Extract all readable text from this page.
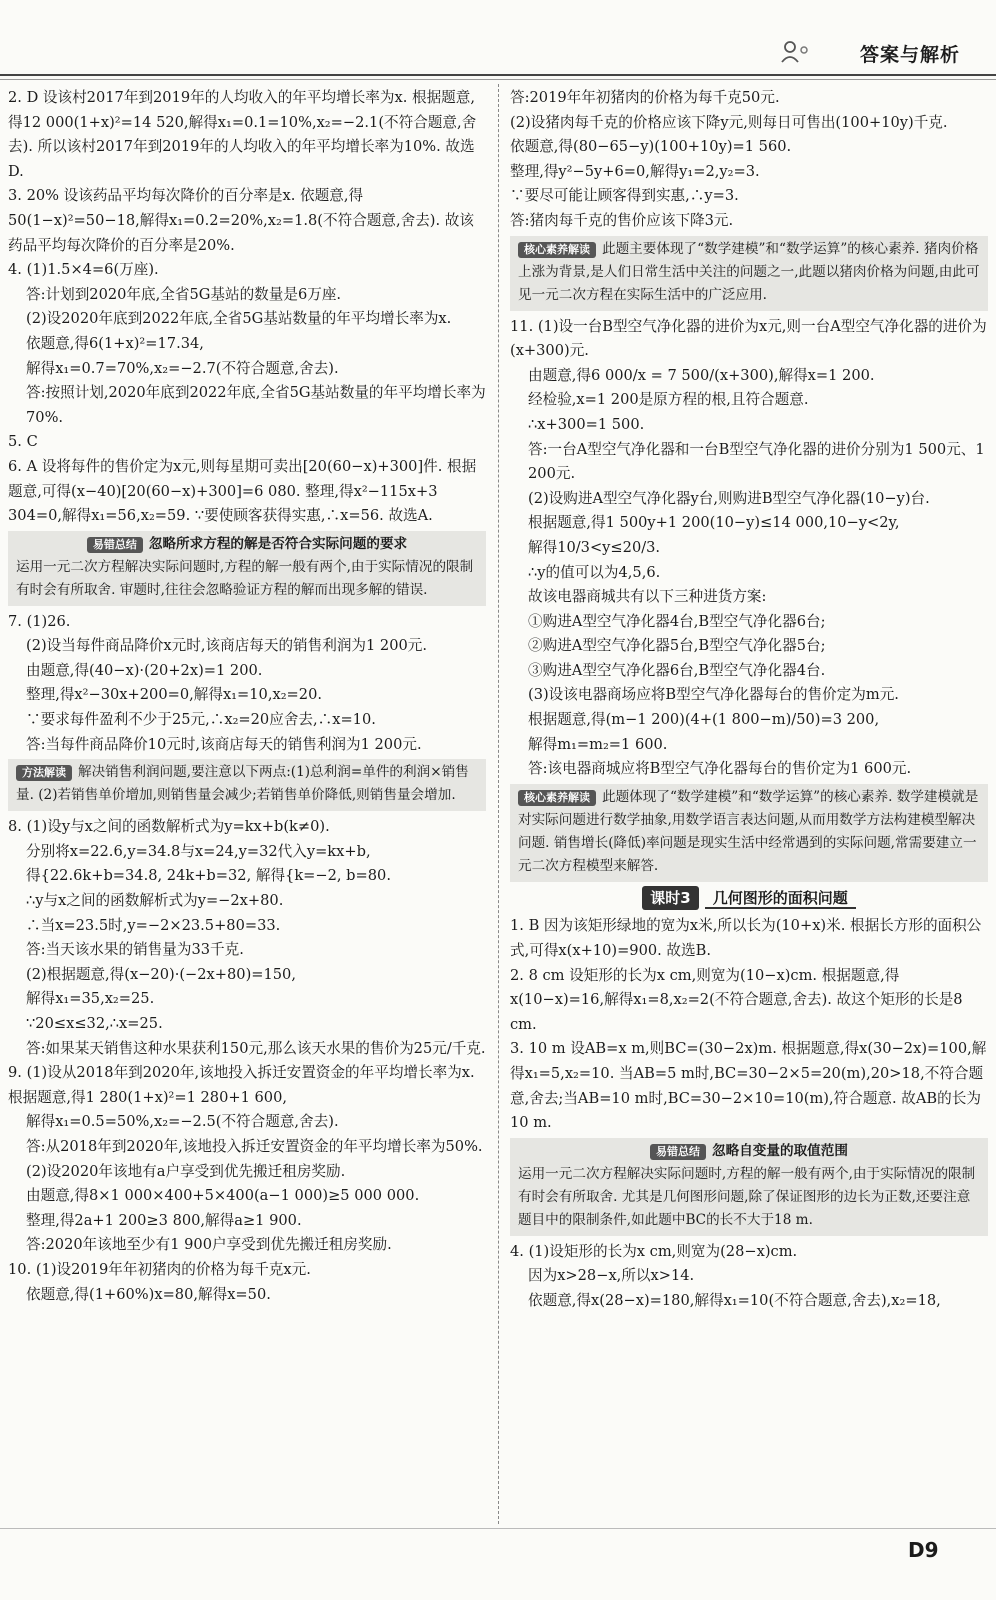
答案与解析
2. D 设该村2017年到2019年的人均收入的年平均增长率为x. 根据题意,得12 000(1+x)²=14 520,解得x₁=0.1=10%,x₂=−2.1(不符合题意,舍去). 所以该村2017年到2019年的人均收入的年平均增长率为10%. 故选D.
3. 20% 设该药品平均每次降价的百分率是x. 依题意,得50(1−x)²=50−18,解得x₁=0.2=20%,x₂=1.8(不符合题意,舍去). 故该药品平均每次降价的百分率是20%.
4. (1)1.5×4=6(万座).
答:计划到2020年底,全省5G基站的数量是6万座.
(2)设2020年底到2022年底,全省5G基站数量的年平均增长率为x.
依题意,得6(1+x)²=17.34,
解得x₁=0.7=70%,x₂=−2.7(不符合题意,舍去).
答:按照计划,2020年底到2022年底,全省5G基站数量的年平均增长率为70%.
5. C
6. A 设将每件的售价定为x元,则每星期可卖出[20(60−x)+300]件. 根据题意,可得(x−40)[20(60−x)+300]=6 080. 整理,得x²−115x+3 304=0,解得x₁=56,x₂=59. ∵要使顾客获得实惠,∴x=56. 故选A.
易错总结 忽略所求方程的解是否符合实际问题的要求
运用一元二次方程解决实际问题时,方程的解一般有两个,由于实际情况的限制有时会有所取舍. 审题时,往往会忽略验证方程的解而出现多解的错误.
7. (1)26.
(2)设当每件商品降价x元时,该商店每天的销售利润为1 200元.
由题意,得(40−x)·(20+2x)=1 200.
整理,得x²−30x+200=0,解得x₁=10,x₂=20.
∵要求每件盈利不少于25元,∴x₂=20应舍去,∴x=10.
答:当每件商品降价10元时,该商店每天的销售利润为1 200元.
方法解读 解决销售利润问题,要注意以下两点:(1)总利润=单件的利润×销售量. (2)若销售单价增加,则销售量会减少;若销售单价降低,则销售量会增加.
8. (1)设y与x之间的函数解析式为y=kx+b(k≠0).
分别将x=22.6,y=34.8与x=24,y=32代入y=kx+b,
得{22.6k+b=34.8, 24k+b=32, 解得{k=−2, b=80.
∴y与x之间的函数解析式为y=−2x+80.
∴当x=23.5时,y=−2×23.5+80=33.
答:当天该水果的销售量为33千克.
(2)根据题意,得(x−20)·(−2x+80)=150,
解得x₁=35,x₂=25.
∵20≤x≤32,∴x=25.
答:如果某天销售这种水果获利150元,那么该天水果的售价为25元/千克.
9. (1)设从2018年到2020年,该地投入拆迁安置资金的年平均增长率为x. 根据题意,得1 280(1+x)²=1 280+1 600,
解得x₁=0.5=50%,x₂=−2.5(不符合题意,舍去).
答:从2018年到2020年,该地投入拆迁安置资金的年平均增长率为50%.
(2)设2020年该地有a户享受到优先搬迁租房奖励.
由题意,得8×1 000×400+5×400(a−1 000)≥5 000 000.
整理,得2a+1 200≥3 800,解得a≥1 900.
答:2020年该地至少有1 900户享受到优先搬迁租房奖励.
10. (1)设2019年年初猪肉的价格为每千克x元.
依题意,得(1+60%)x=80,解得x=50.
答:2019年年初猪肉的价格为每千克50元.
(2)设猪肉每千克的价格应该下降y元,则每日可售出(100+10y)千克.
依题意,得(80−65−y)(100+10y)=1 560.
整理,得y²−5y+6=0,解得y₁=2,y₂=3.
∵要尽可能让顾客得到实惠,∴y=3.
答:猪肉每千克的售价应该下降3元.
核心素养解读 此题主要体现了“数学建模”和“数学运算”的核心素养. 猪肉价格上涨为背景,是人们日常生活中关注的问题之一,此题以猪肉价格为问题,由此可见一元二次方程在实际生活中的广泛应用.
11. (1)设一台B型空气净化器的进价为x元,则一台A型空气净化器的进价为(x+300)元.
由题意,得6 000/x = 7 500/(x+300),解得x=1 200.
经检验,x=1 200是原方程的根,且符合题意.
∴x+300=1 500.
答:一台A型空气净化器和一台B型空气净化器的进价分别为1 500元、1 200元.
(2)设购进A型空气净化器y台,则购进B型空气净化器(10−y)台.
根据题意,得1 500y+1 200(10−y)≤14 000,10−y<2y,
解得10/3<y≤20/3.
∴y的值可以为4,5,6.
故该电器商城共有以下三种进货方案:
①购进A型空气净化器4台,B型空气净化器6台;
②购进A型空气净化器5台,B型空气净化器5台;
③购进A型空气净化器6台,B型空气净化器4台.
(3)设该电器商场应将B型空气净化器每台的售价定为m元.
根据题意,得(m−1 200)(4+(1 800−m)/50)=3 200,
解得m₁=m₂=1 600.
答:该电器商城应将B型空气净化器每台的售价定为1 600元.
核心素养解读 此题体现了“数学建模”和“数学运算”的核心素养. 数学建模就是对实际问题进行数学抽象,用数学语言表达问题,从而用数学方法构建模型解决问题. 销售增长(降低)率问题是现实生活中经常遇到的实际问题,常需要建立一元二次方程模型来解答.
课时3 几何图形的面积问题
1. B 因为该矩形绿地的宽为x米,所以长为(10+x)米. 根据长方形的面积公式,可得x(x+10)=900. 故选B.
2. 8 cm 设矩形的长为x cm,则宽为(10−x)cm. 根据题意,得x(10−x)=16,解得x₁=8,x₂=2(不符合题意,舍去). 故这个矩形的长是8 cm.
3. 10 m 设AB=x m,则BC=(30−2x)m. 根据题意,得x(30−2x)=100,解得x₁=5,x₂=10. 当AB=5 m时,BC=30−2×5=20(m),20>18,不符合题意,舍去;当AB=10 m时,BC=30−2×10=10(m),符合题意. 故AB的长为10 m.
易错总结 忽略自变量的取值范围
运用一元二次方程解决实际问题时,方程的解一般有两个,由于实际情况的限制有时会有所取舍. 尤其是几何图形问题,除了保证图形的边长为正数,还要注意题目中的限制条件,如此题中BC的长不大于18 m.
4. (1)设矩形的长为x cm,则宽为(28−x)cm.
因为x>28−x,所以x>14.
依题意,得x(28−x)=180,解得x₁=10(不符合题意,舍去),x₂=18,
D9
